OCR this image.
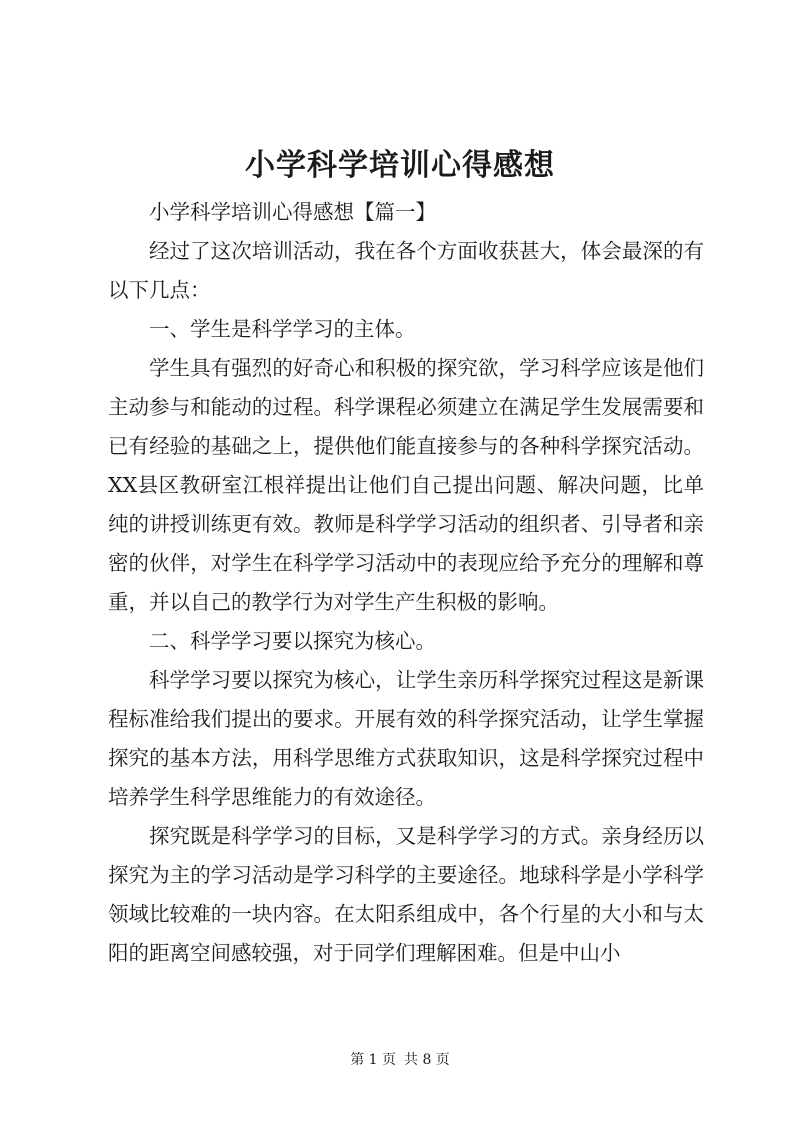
小学科学培训心得感想

小学科学培训心得感想【篇一】

经过了这次培训活动，我在各个方面收获甚大，体会最深的有以下几点：

一、学生是科学学习的主体。

学生具有强烈的好奇心和积极的探究欲，学习科学应该是他们主动参与和能动的过程。科学课程必须建立在满足学生发展需要和已有经验的基础之上，提供他们能直接参与的各种科学探究活动。XX县区教研室江根祥提出让他们自己提出问题、解决问题，比单纯的讲授训练更有效。教师是科学学习活动的组织者、引导者和亲密的伙伴，对学生在科学学习活动中的表现应给予充分的理解和尊重，并以自己的教学行为对学生产生积极的影响。

二、科学学习要以探究为核心。

科学学习要以探究为核心，让学生亲历科学探究过程这是新课程标准给我们提出的要求。开展有效的科学探究活动，让学生掌握探究的基本方法，用科学思维方式获取知识，这是科学探究过程中培养学生科学思维能力的有效途径。

探究既是科学学习的目标，又是科学学习的方式。亲身经历以探究为主的学习活动是学习科学的主要途径。地球科学是小学科学领域比较难的一块内容。在太阳系组成中，各个行星的大小和与太阳的距离空间感较强，对于同学们理解困难。但是中山小

第 1 页 共 8 页
